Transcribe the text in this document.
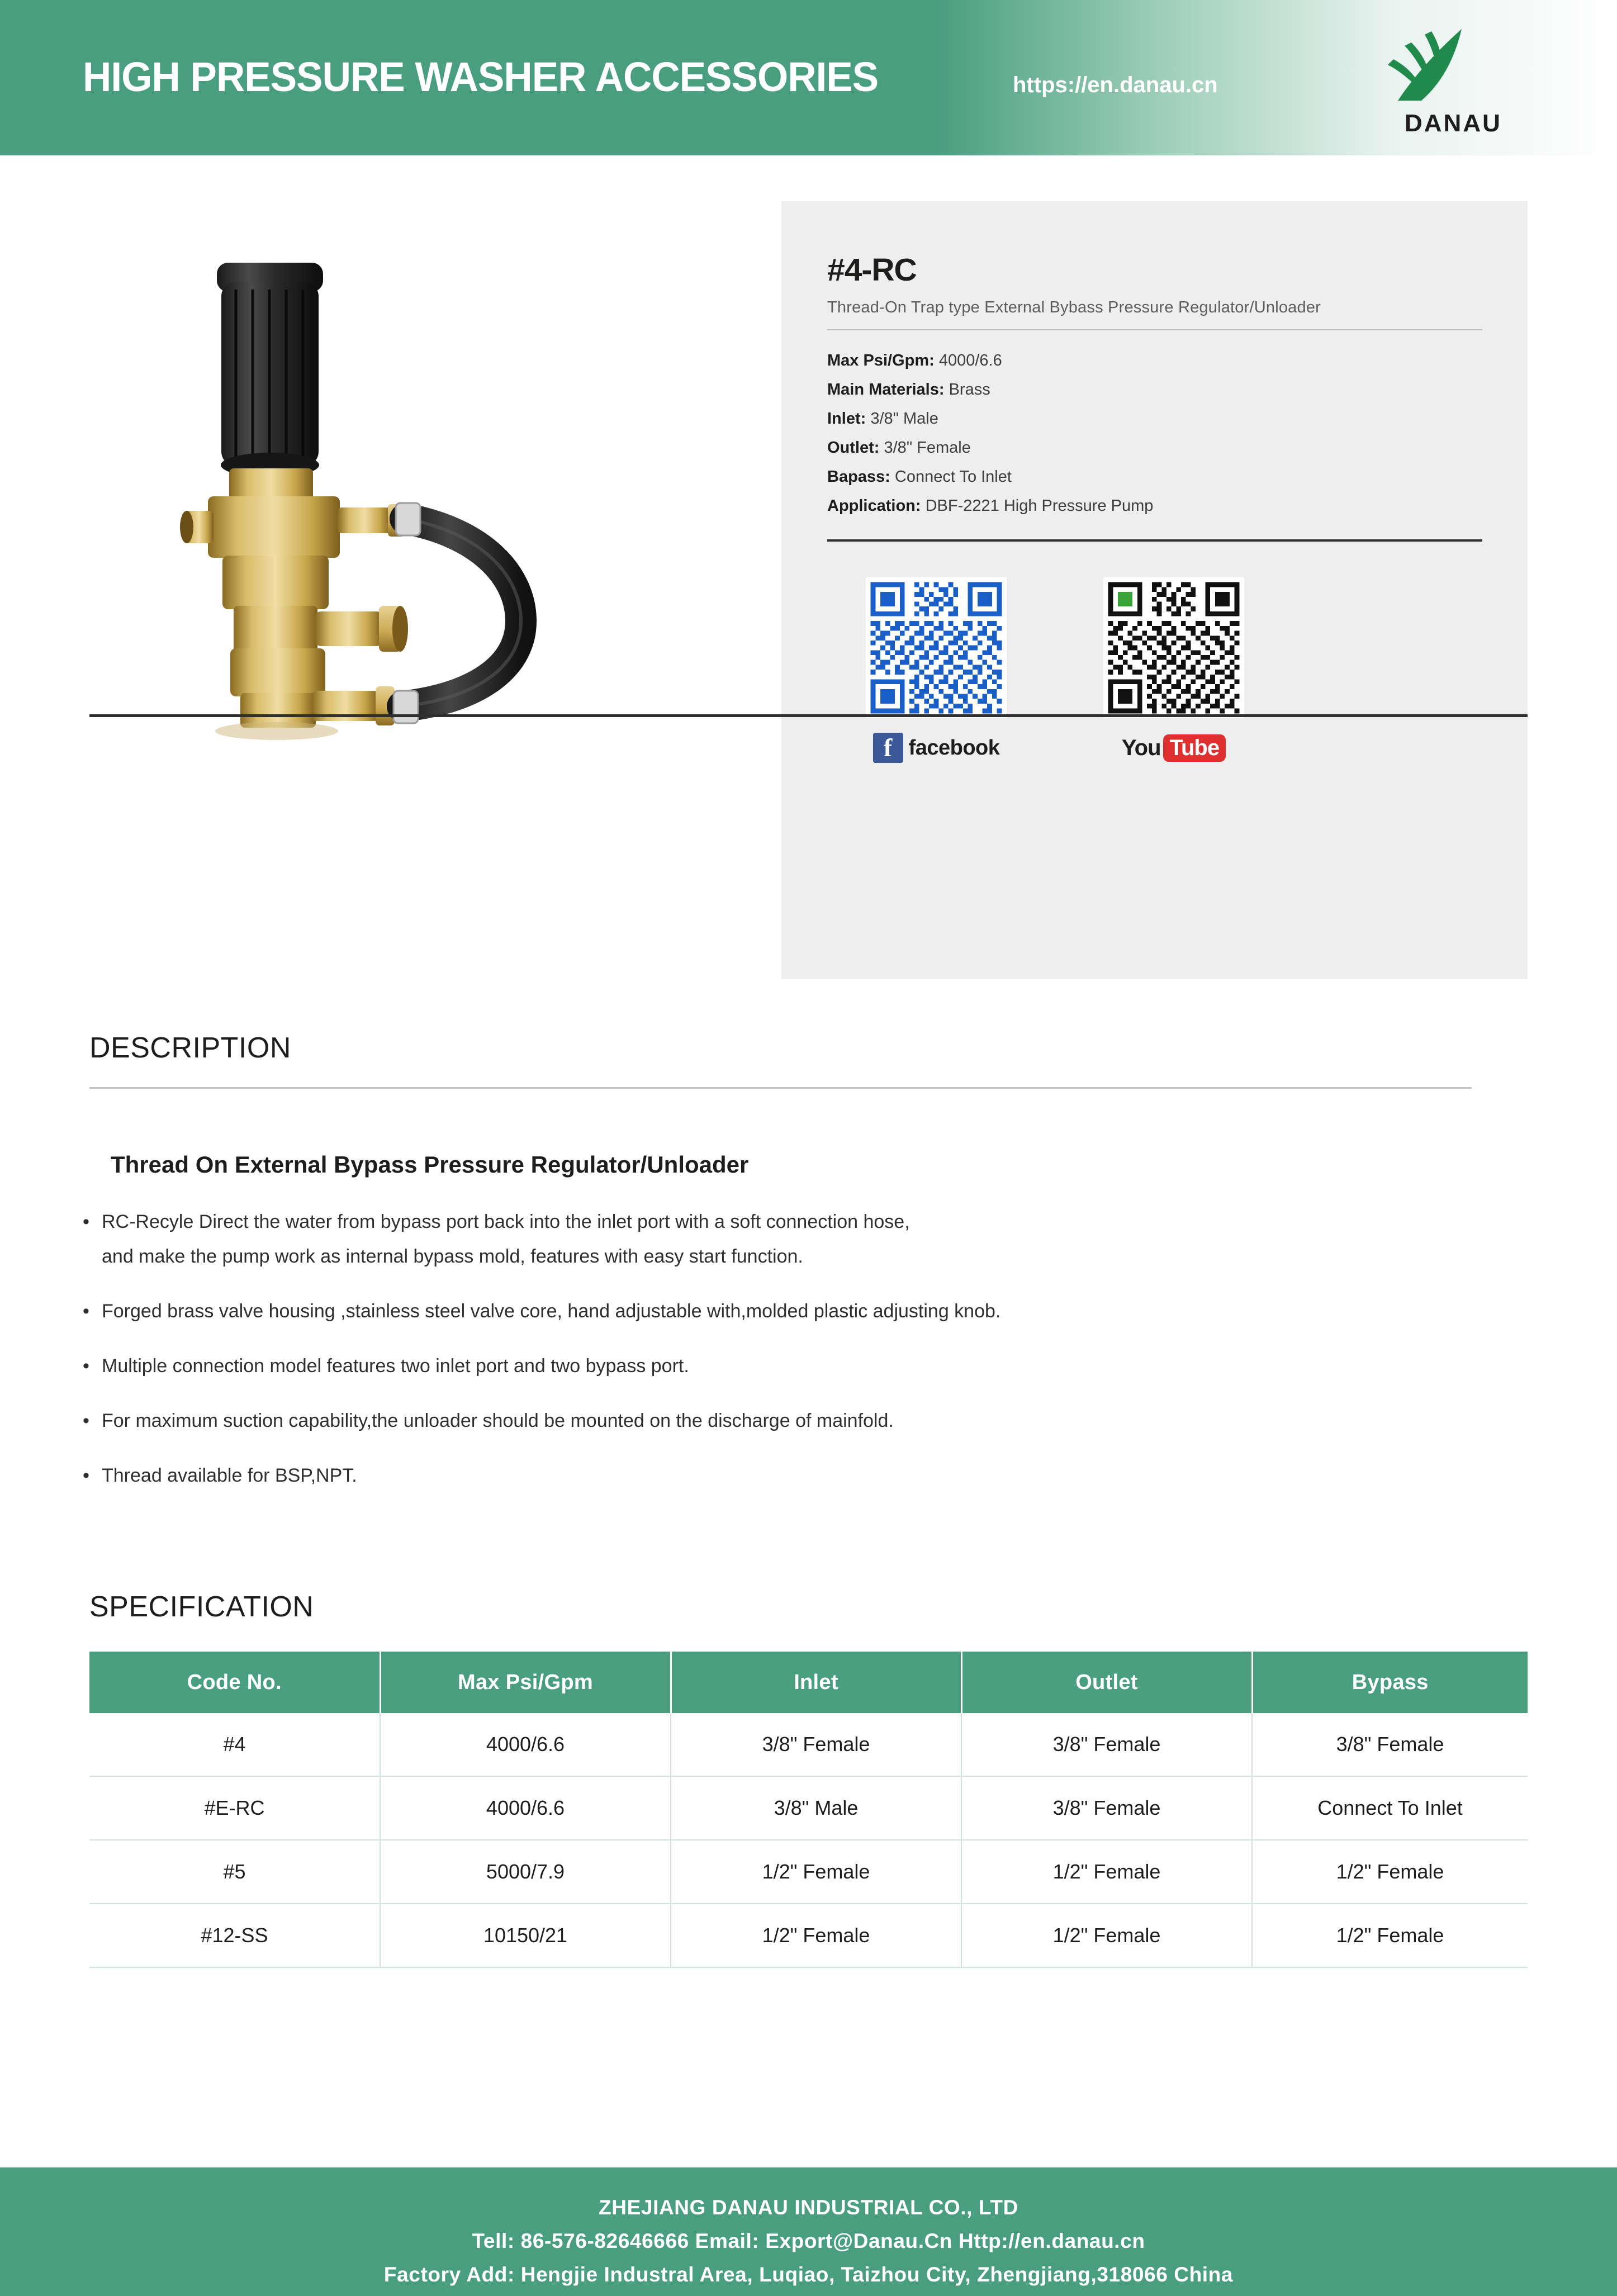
HIGH PRESSURE WASHER ACCESSORIES	https://en.danau.cn
DANAU
#4-RC
Thread-On Trap type External Bybass Pressure Regulator/Unloader
Max Psi/Gpm: 4000/6.6
Main Materials: Brass
Inlet: 3/8" Male
Outlet: 3/8" Female
Bapass: Connect To Inlet
Application: DBF-2221 High Pressure Pump
f facebook	You Tube
DESCRIPTION
Thread On External Bypass Pressure Regulator/Unloader
• RC-Recyle Direct the water from bypass port back into the inlet port with a soft connection hose,
and make the pump work as internal bypass mold, features with easy start function.
• Forged brass valve housing ,stainless steel valve core, hand adjustable with,molded plastic adjusting knob.
• Multiple connection model features two inlet port and two bypass port.
• For maximum suction capability,the unloader should be mounted on the discharge of mainfold.
• Thread available for BSP,NPT.
SPECIFICATION
Code No.	Max Psi/Gpm	Inlet	Outlet	Bypass
#4	4000/6.6	3/8" Female	3/8" Female	3/8" Female
#E-RC	4000/6.6	3/8" Male	3/8" Female	Connect To Inlet
#5	5000/7.9	1/2" Female	1/2" Female	1/2" Female
#12-SS	10150/21	1/2" Female	1/2" Female	1/2" Female
ZHEJIANG DANAU INDUSTRIAL CO., LTD
Tell: 86-576-82646666 Email: Export@Danau.Cn Http://en.danau.cn
Factory Add: Hengjie Industral Area, Luqiao, Taizhou City, Zhengjiang,318066 China
